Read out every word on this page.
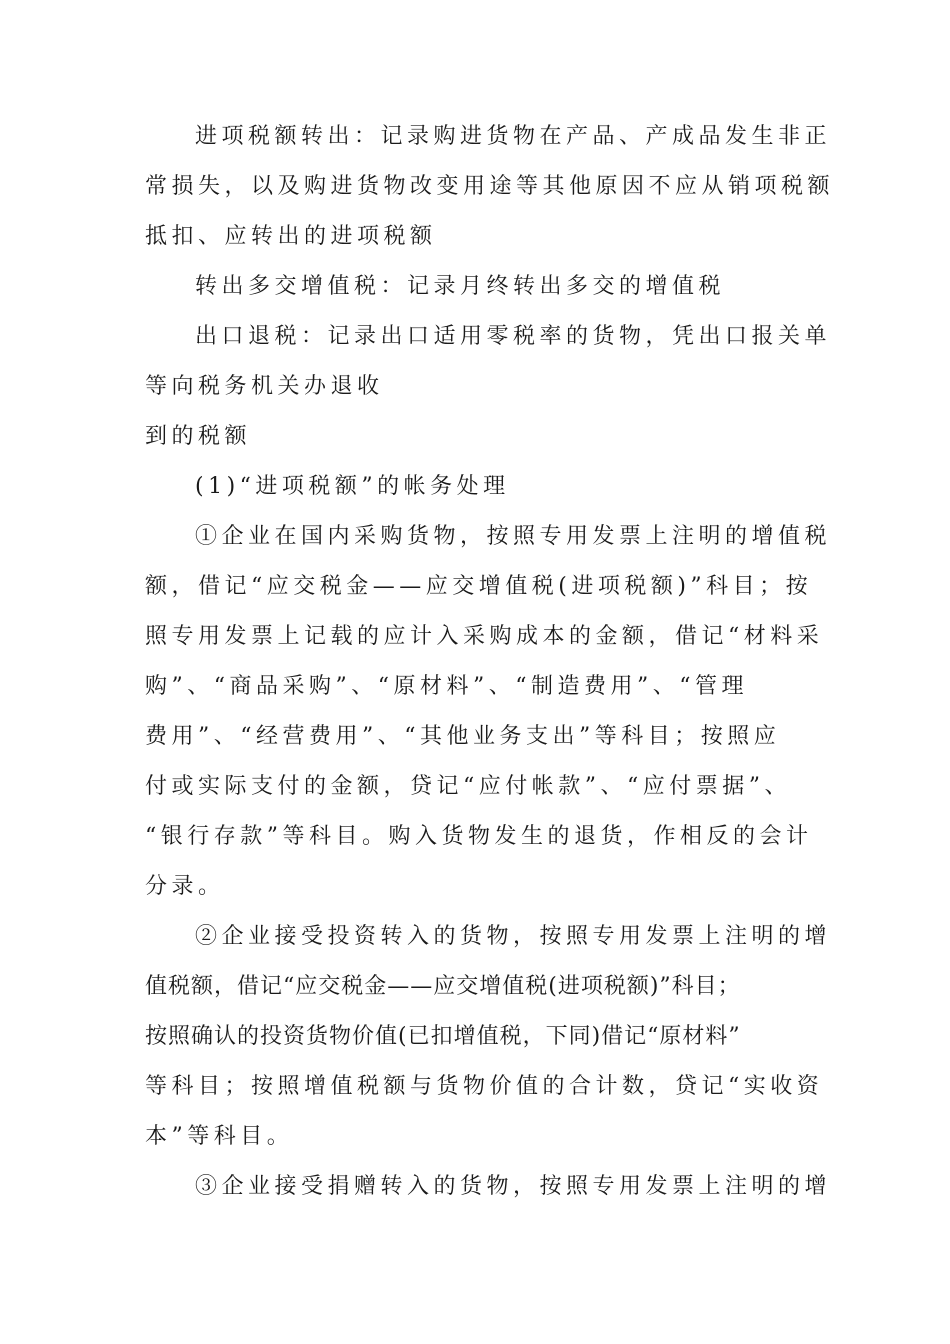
进项税额转出：记录购进货物在产品、产成品发生非正

常损失，以及购进货物改变用途等其他原因不应从销项税额

抵扣、应转出的进项税额

转出多交增值税：记录月终转出多交的增值税

出口退税：记录出口适用零税率的货物，凭出口报关单

等向税务机关办退收

到的税额

(1)“进项税额”的帐务处理

①企业在国内采购货物，按照专用发票上注明的增值税

额，借记“应交税金——应交增值税(进项税额)”科目；按

照专用发票上记载的应计入采购成本的金额，借记“材料采

购”、“商品采购”、“原材料”、“制造费用”、“管理

费用”、“经营费用”、“其他业务支出”等科目；按照应

付或实际支付的金额，贷记“应付帐款”、“应付票据”、

“银行存款”等科目。购入货物发生的退货，作相反的会计

分录。

②企业接受投资转入的货物，按照专用发票上注明的增

值税额，借记“应交税金——应交增值税(进项税额)”科目；

按照确认的投资货物价值(已扣增值税，下同)借记“原材料”

等科目；按照增值税额与货物价值的合计数，贷记“实收资

本”等科目。

③企业接受捐赠转入的货物，按照专用发票上注明的增
